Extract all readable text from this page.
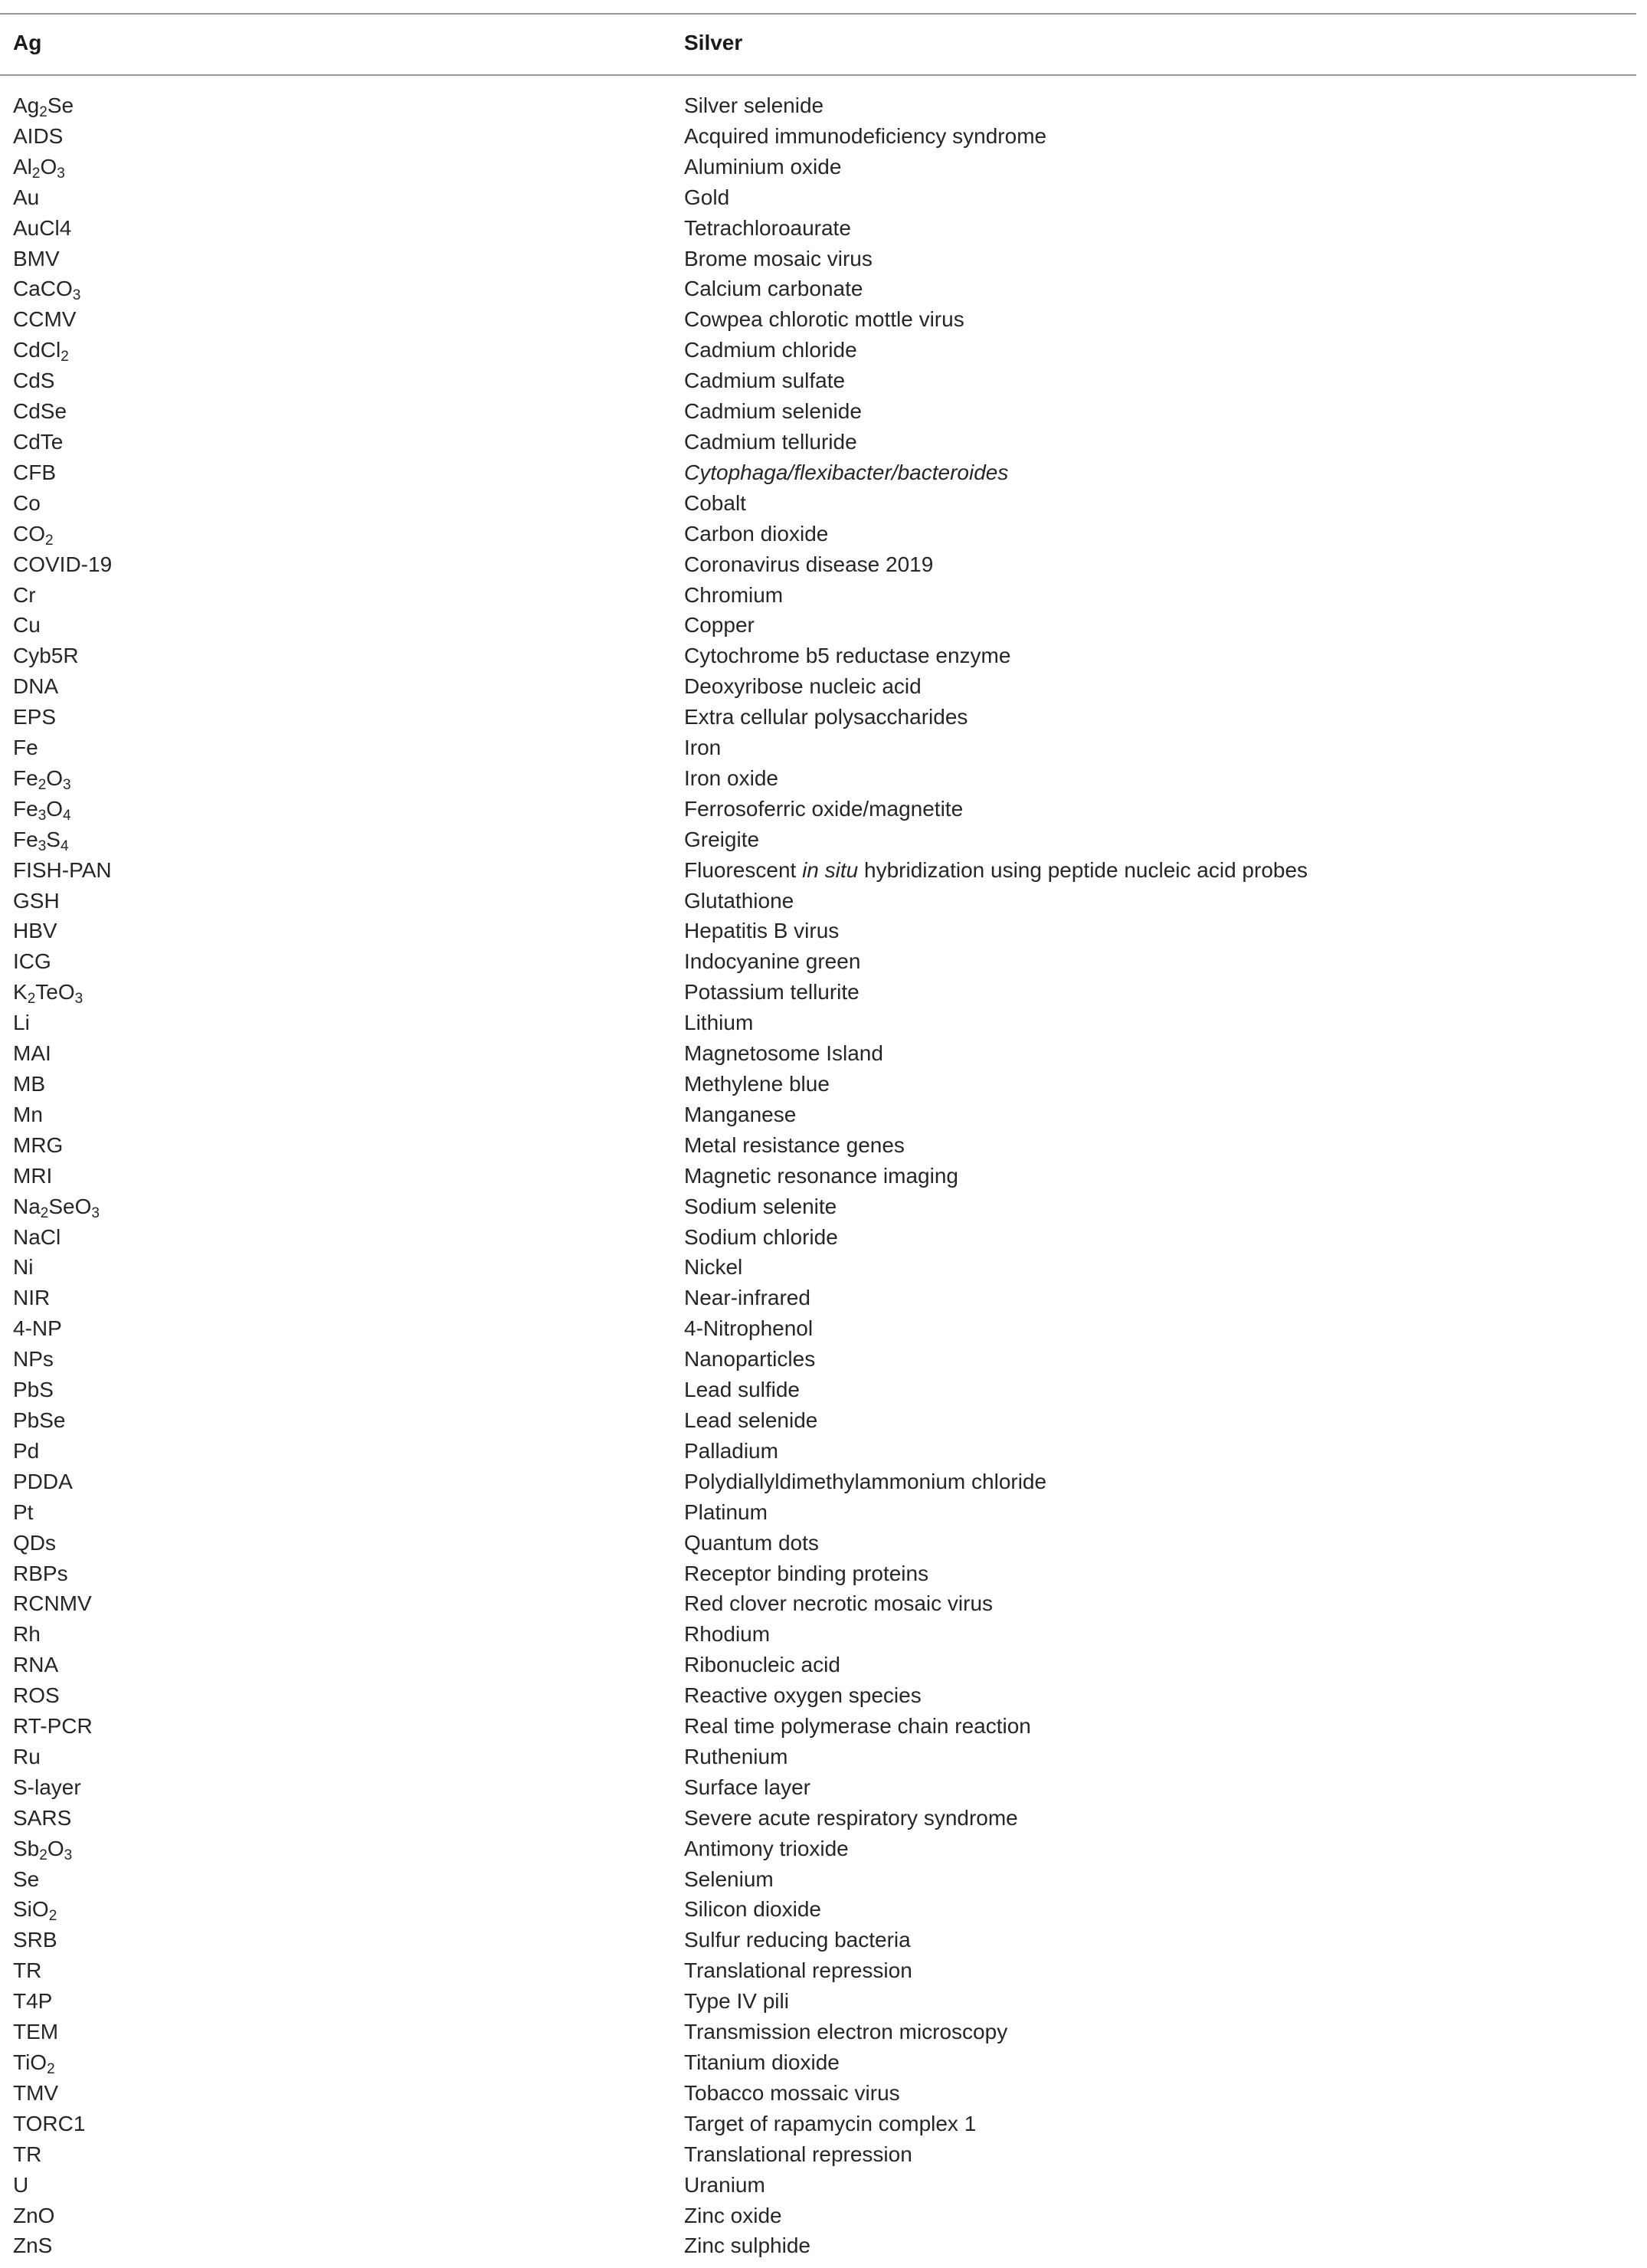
Ag	Silver
$Ag_2Se$	Silver selenide
AIDS	Acquired immunodeficiency syndrome
$Al_2O_3$	Aluminium oxide
Au	Gold
AuCl4	Tetrachloroaurate
BMV	Brome mosaic virus
CaCO$_3$	Calcium carbonate
CCMV	Cowpea chlorotic mottle virus
CdCl$_2$	Cadmium chloride
CdS	Cadmium sulfate
CdSe	Cadmium selenide
CdTe	Cadmium telluride
CFB	Cytophaga/flexibacter/bacteroides
Co	Cobalt
$CO_2$	Carbon dioxide
COVID-19	Coronavirus disease 2019
Cr	Chromium
Cu	Copper
Cyb5R	Cytochrome b5 reductase enzyme
DNA	Deoxyribose nucleic acid
EPS	Extra cellular polysaccharides
Fe	Iron
$Fe_2O_3$	Iron oxide
$Fe_3O_4$	Ferrosoferric oxide/magnetite
$Fe_3S_4$	Greigite
FISH-PAN	Fluorescent in situ hybridization using peptide nucleic acid probes
GSH	Glutathione
HBV	Hepatitis B virus
ICG	Indocyanine green
$K_2TeO_3$	Potassium tellurite
Li	Lithium
MAI	Magnetosome Island
MB	Methylene blue
Mn	Manganese
MRG	Metal resistance genes
MRI	Magnetic resonance imaging
$Na_2SeO_3$	Sodium selenite
NaCl	Sodium chloride
Ni	Nickel
NIR	Near-infrared
4-NP	4-Nitrophenol
NPs	Nanoparticles
PbS	Lead sulfide
PbSe	Lead selenide
Pd	Palladium
PDDA	Polydiallyldimethylammonium chloride
Pt	Platinum
QDs	Quantum dots
RBPs	Receptor binding proteins
RCNMV	Red clover necrotic mosaic virus
Rh	Rhodium
RNA	Ribonucleic acid
ROS	Reactive oxygen species
RT-PCR	Real time polymerase chain reaction
Ru	Ruthenium
S-layer	Surface layer
SARS	Severe acute respiratory syndrome
$Sb_2O_3$	Antimony trioxide
Se	Selenium
SiO$_2$	Silicon dioxide
SRB	Sulfur reducing bacteria
TR	Translational repression
T4P	Type IV pili
TEM	Transmission electron microscopy
TiO$_2$	Titanium dioxide
TMV	Tobacco mossaic virus
TORC1	Target of rapamycin complex 1
TR	Translational repression
U	Uranium
ZnO	Zinc oxide
ZnS	Zinc sulphide
